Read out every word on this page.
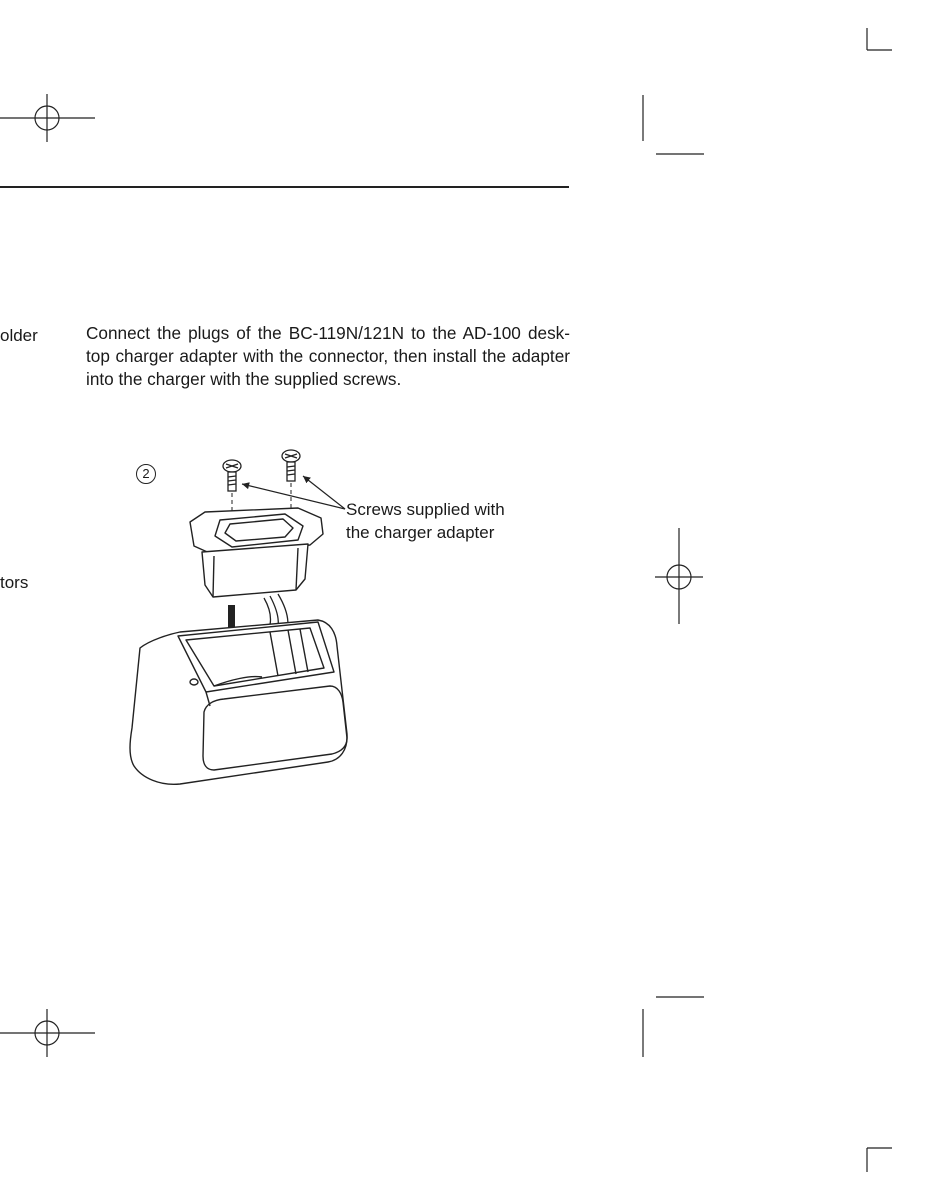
older
tors
Connect the plugs of the BC-119N/121N to the AD-100 desk-top charger adapter with the connector, then install the adapter into the charger with the supplied screws.
2
Screws supplied with
the charger adapter
